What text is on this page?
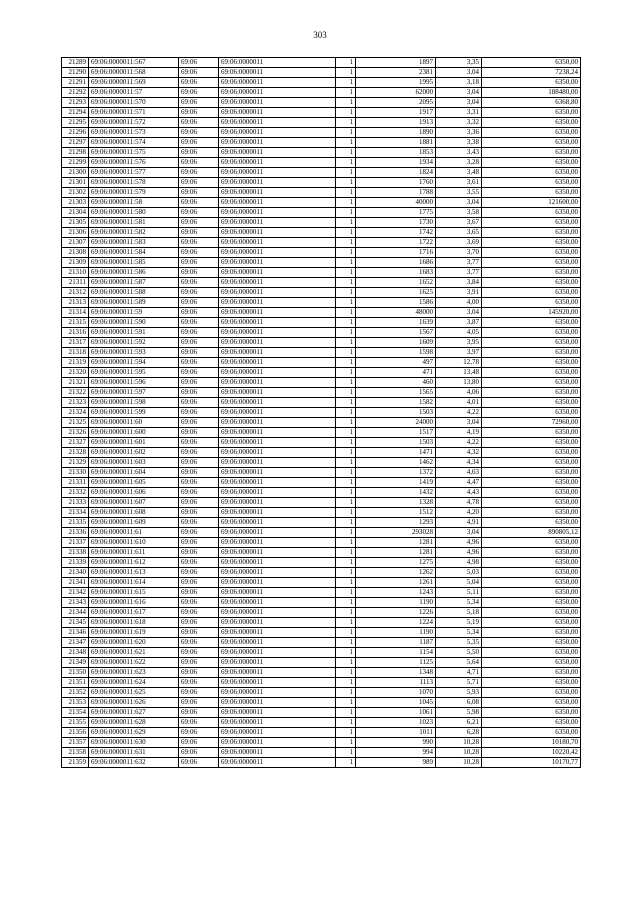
303
21289	69:06:0000011:567	69:06	69:06:0000011	1	1897	3,35	6350,00
21290	69:06:0000011:568	69:06	69:06:0000011	1	2381	3,04	7238,24
21291	69:06:0000011:569	69:06	69:06:0000011	1	1995	3,18	6350,00
21292	69:06:0000011:57	69:06	69:06:0000011	1	62000	3,04	188480,00
21293	69:06:0000011:570	69:06	69:06:0000011	1	2095	3,04	6368,80
21294	69:06:0000011:571	69:06	69:06:0000011	1	1917	3,31	6350,00
21295	69:06:0000011:572	69:06	69:06:0000011	1	1913	3,32	6350,00
21296	69:06:0000011:573	69:06	69:06:0000011	1	1890	3,36	6350,00
21297	69:06:0000011:574	69:06	69:06:0000011	1	1881	3,38	6350,00
21298	69:06:0000011:575	69:06	69:06:0000011	1	1853	3,43	6350,00
21299	69:06:0000011:576	69:06	69:06:0000011	1	1934	3,28	6350,00
21300	69:06:0000011:577	69:06	69:06:0000011	1	1824	3,48	6350,00
21301	69:06:0000011:578	69:06	69:06:0000011	1	1760	3,61	6350,00
21302	69:06:0000011:579	69:06	69:06:0000011	1	1788	3,55	6350,00
21303	69:06:0000011:58	69:06	69:06:0000011	1	40000	3,04	121600,00
21304	69:06:0000011:580	69:06	69:06:0000011	1	1775	3,58	6350,00
21305	69:06:0000011:581	69:06	69:06:0000011	1	1730	3,67	6350,00
21306	69:06:0000011:582	69:06	69:06:0000011	1	1742	3,65	6350,00
21307	69:06:0000011:583	69:06	69:06:0000011	1	1722	3,69	6350,00
21308	69:06:0000011:584	69:06	69:06:0000011	1	1716	3,70	6350,00
21309	69:06:0000011:585	69:06	69:06:0000011	1	1686	3,77	6350,00
21310	69:06:0000011:586	69:06	69:06:0000011	1	1683	3,77	6350,00
21311	69:06:0000011:587	69:06	69:06:0000011	1	1652	3,84	6350,00
21312	69:06:0000011:588	69:06	69:06:0000011	1	1625	3,91	6350,00
21313	69:06:0000011:589	69:06	69:06:0000011	1	1586	4,00	6350,00
21314	69:06:0000011:59	69:06	69:06:0000011	1	48000	3,04	145920,00
21315	69:06:0000011:590	69:06	69:06:0000011	1	1639	3,87	6350,00
21316	69:06:0000011:591	69:06	69:06:0000011	1	1567	4,05	6350,00
21317	69:06:0000011:592	69:06	69:06:0000011	1	1609	3,95	6350,00
21318	69:06:0000011:593	69:06	69:06:0000011	1	1598	3,97	6350,00
21319	69:06:0000011:594	69:06	69:06:0000011	1	497	12,78	6350,00
21320	69:06:0000011:595	69:06	69:06:0000011	1	471	13,48	6350,00
21321	69:06:0000011:596	69:06	69:06:0000011	1	460	13,80	6350,00
21322	69:06:0000011:597	69:06	69:06:0000011	1	1565	4,06	6350,00
21323	69:06:0000011:598	69:06	69:06:0000011	1	1582	4,01	6350,00
21324	69:06:0000011:599	69:06	69:06:0000011	1	1503	4,22	6350,00
21325	69:06:0000011:60	69:06	69:06:0000011	1	24000	3,04	72960,00
21326	69:06:0000011:600	69:06	69:06:0000011	1	1517	4,19	6350,00
21327	69:06:0000011:601	69:06	69:06:0000011	1	1503	4,22	6350,00
21328	69:06:0000011:602	69:06	69:06:0000011	1	1471	4,32	6350,00
21329	69:06:0000011:603	69:06	69:06:0000011	1	1462	4,34	6350,00
21330	69:06:0000011:604	69:06	69:06:0000011	1	1372	4,63	6350,00
21331	69:06:0000011:605	69:06	69:06:0000011	1	1419	4,47	6350,00
21332	69:06:0000011:606	69:06	69:06:0000011	1	1432	4,43	6350,00
21333	69:06:0000011:607	69:06	69:06:0000011	1	1328	4,78	6350,00
21334	69:06:0000011:608	69:06	69:06:0000011	1	1512	4,20	6350,00
21335	69:06:0000011:609	69:06	69:06:0000011	1	1293	4,91	6350,00
21336	69:06:0000011:61	69:06	69:06:0000011	1	293028	3,04	890805,12
21337	69:06:0000011:610	69:06	69:06:0000011	1	1281	4,96	6350,00
21338	69:06:0000011:611	69:06	69:06:0000011	1	1281	4,96	6350,00
21339	69:06:0000011:612	69:06	69:06:0000011	1	1275	4,98	6350,00
21340	69:06:0000011:613	69:06	69:06:0000011	1	1262	5,03	6350,00
21341	69:06:0000011:614	69:06	69:06:0000011	1	1261	5,04	6350,00
21342	69:06:0000011:615	69:06	69:06:0000011	1	1243	5,11	6350,00
21343	69:06:0000011:616	69:06	69:06:0000011	1	1190	5,34	6350,00
21344	69:06:0000011:617	69:06	69:06:0000011	1	1226	5,18	6350,00
21345	69:06:0000011:618	69:06	69:06:0000011	1	1224	5,19	6350,00
21346	69:06:0000011:619	69:06	69:06:0000011	1	1190	5,34	6350,00
21347	69:06:0000011:620	69:06	69:06:0000011	1	1187	5,35	6350,00
21348	69:06:0000011:621	69:06	69:06:0000011	1	1154	5,50	6350,00
21349	69:06:0000011:622	69:06	69:06:0000011	1	1125	5,64	6350,00
21350	69:06:0000011:623	69:06	69:06:0000011	1	1348	4,71	6350,00
21351	69:06:0000011:624	69:06	69:06:0000011	1	1113	5,71	6350,00
21352	69:06:0000011:625	69:06	69:06:0000011	1	1070	5,93	6350,00
21353	69:06:0000011:626	69:06	69:06:0000011	1	1045	6,08	6350,00
21354	69:06:0000011:627	69:06	69:06:0000011	1	1061	5,98	6350,00
21355	69:06:0000011:628	69:06	69:06:0000011	1	1023	6,21	6350,00
21356	69:06:0000011:629	69:06	69:06:0000011	1	1011	6,28	6350,00
21357	69:06:0000011:630	69:06	69:06:0000011	1	990	10,28	10180,70
21358	69:06:0000011:631	69:06	69:06:0000011	1	994	10,28	10220,42
21359	69:06:0000011:632	69:06	69:06:0000011	1	989	10,28	10170,77
